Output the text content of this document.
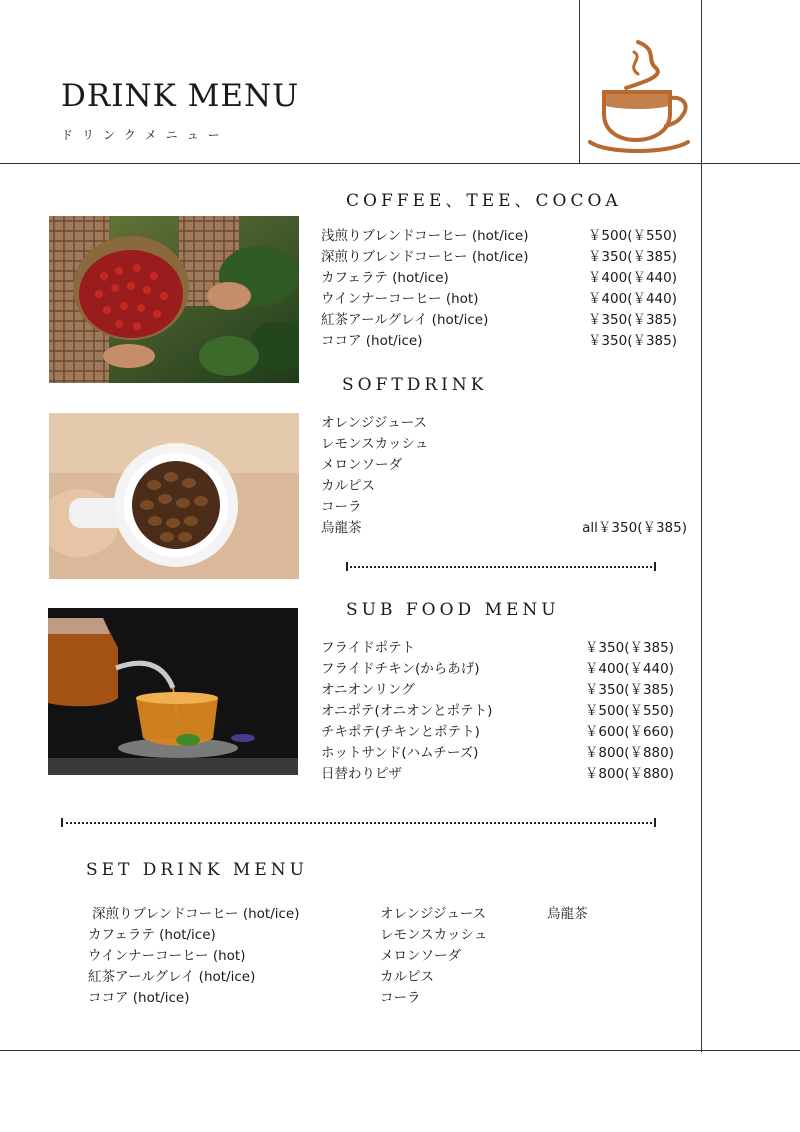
DRINK MENU
ドリンクメニュー
COFFEE、TEE、COCOA
浅煎りブレンドコーヒー (hot/ice)	￥500(￥550)
深煎りブレンドコーヒー (hot/ice)	￥350(￥385)
カフェラテ (hot/ice)	￥400(￥440)
ウインナーコーヒー (hot)	￥400(￥440)
紅茶アールグレイ (hot/ice)	￥350(￥385)
ココア (hot/ice)	￥350(￥385)
SOFTDRINK
オレンジジュース
レモンスカッシュ
メロンソーダ
カルピス
コーラ
烏龍茶	all￥350(￥385)
SUB FOOD MENU
フライドポテト	￥350(￥385)
フライドチキン(からあげ)	￥400(￥440)
オニオンリング	￥350(￥385)
オニポテ(オニオンとポテト)	￥500(￥550)
チキポテ(チキンとポテト)	￥600(￥660)
ホットサンド(ハムチーズ)	￥800(￥880)
日替わりピザ	￥800(￥880)
SET DRINK MENU
深煎りブレンドコーヒー (hot/ice)
カフェラテ (hot/ice)
ウインナーコーヒー (hot)
紅茶アールグレイ (hot/ice)
ココア (hot/ice)
オレンジジュース
レモンスカッシュ
メロンソーダ
カルピス
コーラ
烏龍茶
